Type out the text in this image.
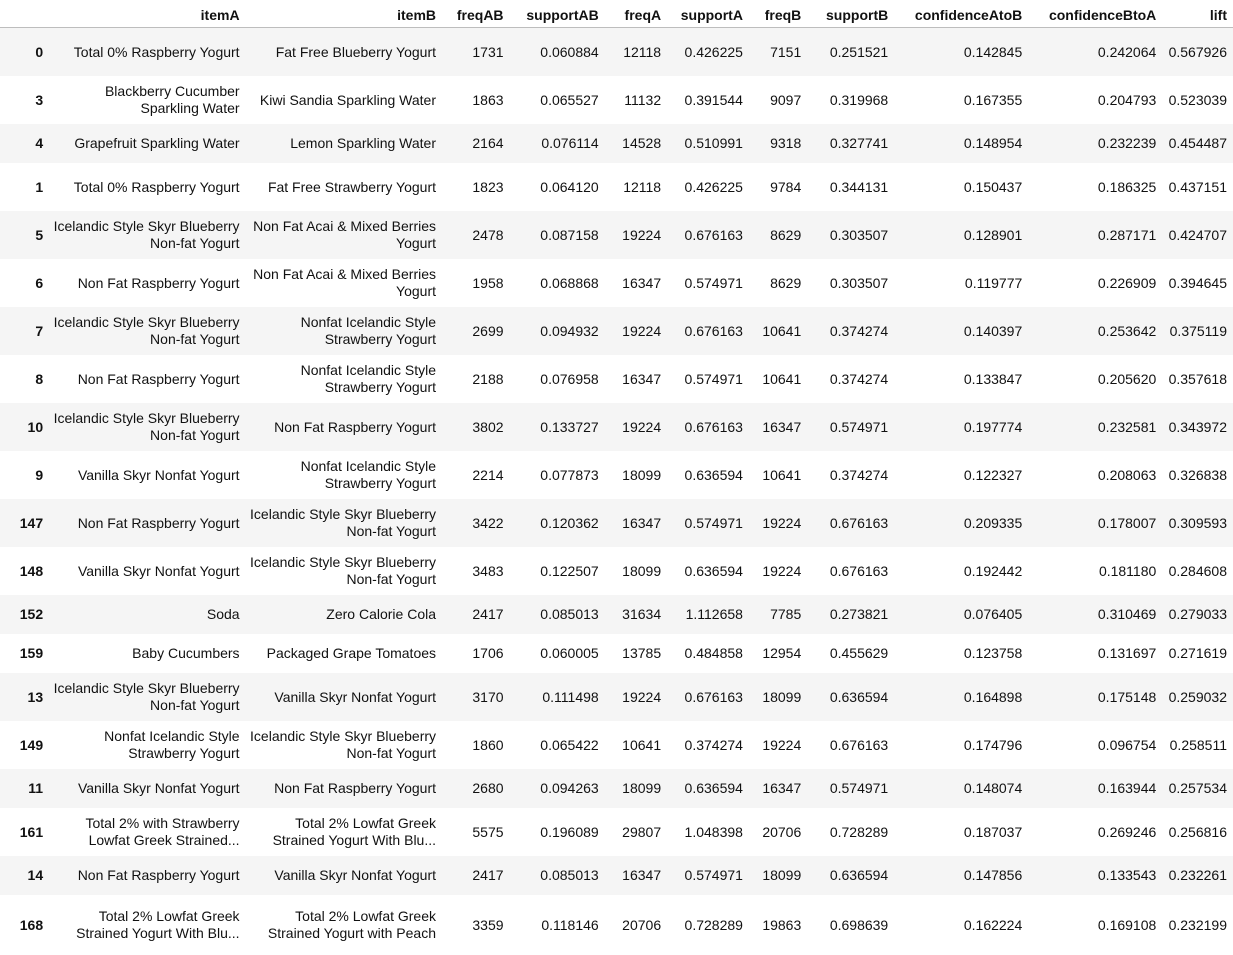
	itemA	itemB	freqAB	supportAB	freqA	supportA	freqB	supportB	confidenceAtoB	confidenceBtoA	lift
0	Total 0% Raspberry Yogurt	Fat Free Blueberry Yogurt	1731	0.060884	12118	0.426225	7151	0.251521	0.142845	0.242064	0.567926
3	Blackberry Cucumber Sparkling Water	Kiwi Sandia Sparkling Water	1863	0.065527	11132	0.391544	9097	0.319968	0.167355	0.204793	0.523039
4	Grapefruit Sparkling Water	Lemon Sparkling Water	2164	0.076114	14528	0.510991	9318	0.327741	0.148954	0.232239	0.454487
1	Total 0% Raspberry Yogurt	Fat Free Strawberry Yogurt	1823	0.064120	12118	0.426225	9784	0.344131	0.150437	0.186325	0.437151
5	Icelandic Style Skyr Blueberry Non-fat Yogurt	Non Fat Acai & Mixed Berries Yogurt	2478	0.087158	19224	0.676163	8629	0.303507	0.128901	0.287171	0.424707
6	Non Fat Raspberry Yogurt	Non Fat Acai & Mixed Berries Yogurt	1958	0.068868	16347	0.574971	8629	0.303507	0.119777	0.226909	0.394645
7	Icelandic Style Skyr Blueberry Non-fat Yogurt	Nonfat Icelandic Style Strawberry Yogurt	2699	0.094932	19224	0.676163	10641	0.374274	0.140397	0.253642	0.375119
8	Non Fat Raspberry Yogurt	Nonfat Icelandic Style Strawberry Yogurt	2188	0.076958	16347	0.574971	10641	0.374274	0.133847	0.205620	0.357618
10	Icelandic Style Skyr Blueberry Non-fat Yogurt	Non Fat Raspberry Yogurt	3802	0.133727	19224	0.676163	16347	0.574971	0.197774	0.232581	0.343972
9	Vanilla Skyr Nonfat Yogurt	Nonfat Icelandic Style Strawberry Yogurt	2214	0.077873	18099	0.636594	10641	0.374274	0.122327	0.208063	0.326838
147	Non Fat Raspberry Yogurt	Icelandic Style Skyr Blueberry Non-fat Yogurt	3422	0.120362	16347	0.574971	19224	0.676163	0.209335	0.178007	0.309593
148	Vanilla Skyr Nonfat Yogurt	Icelandic Style Skyr Blueberry Non-fat Yogurt	3483	0.122507	18099	0.636594	19224	0.676163	0.192442	0.181180	0.284608
152	Soda	Zero Calorie Cola	2417	0.085013	31634	1.112658	7785	0.273821	0.076405	0.310469	0.279033
159	Baby Cucumbers	Packaged Grape Tomatoes	1706	0.060005	13785	0.484858	12954	0.455629	0.123758	0.131697	0.271619
13	Icelandic Style Skyr Blueberry Non-fat Yogurt	Vanilla Skyr Nonfat Yogurt	3170	0.111498	19224	0.676163	18099	0.636594	0.164898	0.175148	0.259032
149	Nonfat Icelandic Style Strawberry Yogurt	Icelandic Style Skyr Blueberry Non-fat Yogurt	1860	0.065422	10641	0.374274	19224	0.676163	0.174796	0.096754	0.258511
11	Vanilla Skyr Nonfat Yogurt	Non Fat Raspberry Yogurt	2680	0.094263	18099	0.636594	16347	0.574971	0.148074	0.163944	0.257534
161	Total 2% with Strawberry Lowfat Greek Strained...	Total 2% Lowfat Greek Strained Yogurt With Blu...	5575	0.196089	29807	1.048398	20706	0.728289	0.187037	0.269246	0.256816
14	Non Fat Raspberry Yogurt	Vanilla Skyr Nonfat Yogurt	2417	0.085013	16347	0.574971	18099	0.636594	0.147856	0.133543	0.232261
168	Total 2% Lowfat Greek Strained Yogurt With Blu...	Total 2% Lowfat Greek Strained Yogurt with Peach	3359	0.118146	20706	0.728289	19863	0.698639	0.162224	0.169108	0.232199
